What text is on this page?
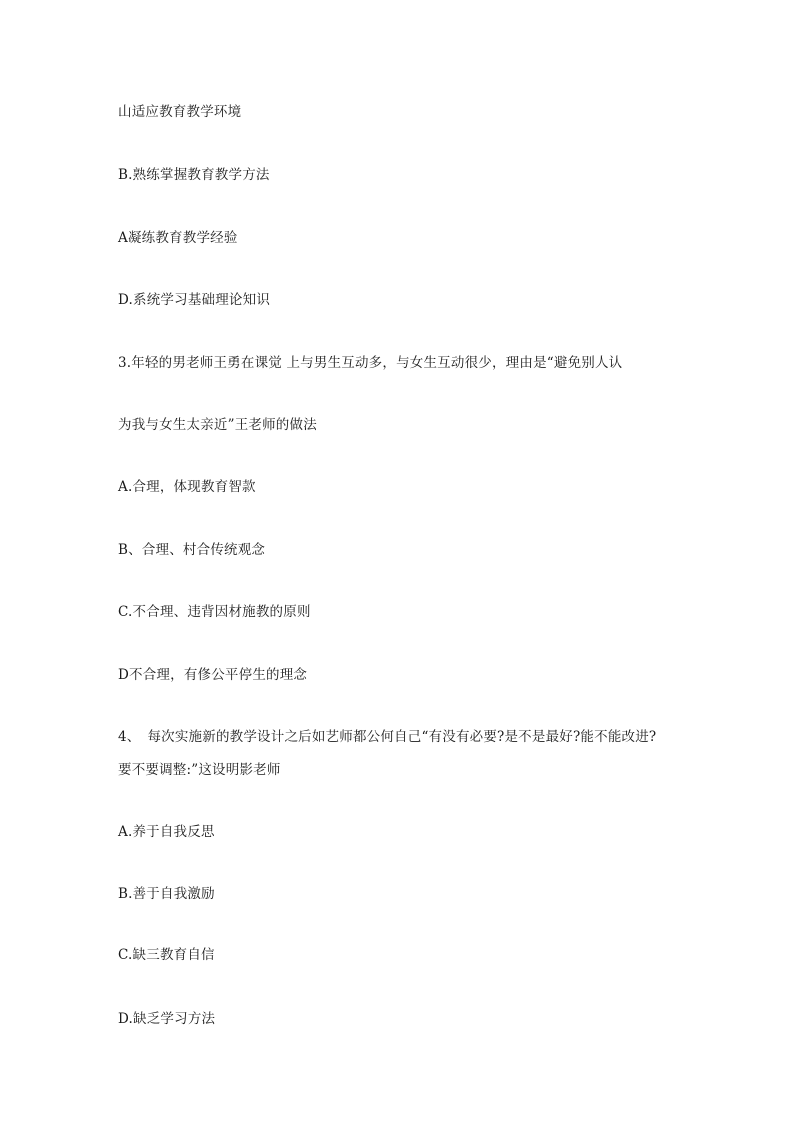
山适应教育教学环境
B.熟练掌握教育教学方法
A凝练教育教学经验
D.系统学习基础理论知识
3.年轻的男老师王勇在课觉 上与男生互动多，与女生互动很少，理由是“避免别人认
为我与女生太亲近”王老师的做法
A.合理，体现教育智款
B、合理、村合传统观念
C.不合理、违背因材施教的原则
D不合理，有俢公平停生的理念
4、　每次实施新的教学设计之后如艺师都公何自己“有没有必要?是不是最好?能不能改进?
要不要调整:”这设明影老师
A.养于自我反思
B.善于自我激励
C.缺三教育自信
D.缺乏学习方法
